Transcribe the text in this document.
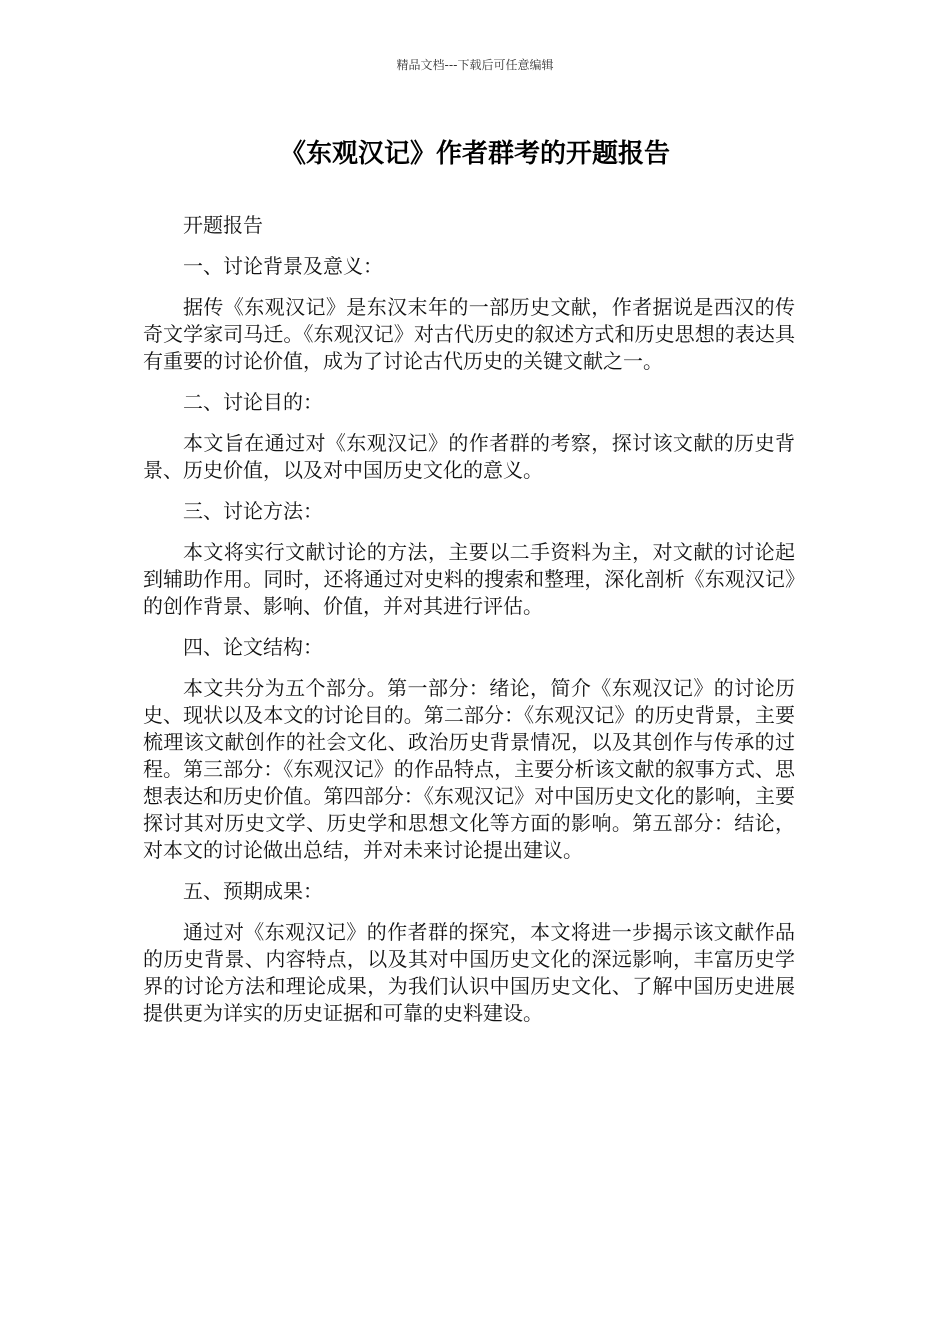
精品文档---下载后可任意编辑
《东观汉记》作者群考的开题报告

开题报告

一、讨论背景及意义：

据传《东观汉记》是东汉末年的一部历史文献，作者据说是西汉的传奇文学家司马迁。《东观汉记》对古代历史的叙述方式和历史思想的表达具有重要的讨论价值，成为了讨论古代历史的关键文献之一。

二、讨论目的：

本文旨在通过对《东观汉记》的作者群的考察，探讨该文献的历史背景、历史价值，以及对中国历史文化的意义。

三、讨论方法：

本文将实行文献讨论的方法，主要以二手资料为主，对文献的讨论起到辅助作用。同时，还将通过对史料的搜索和整理，深化剖析《东观汉记》的创作背景、影响、价值，并对其进行评估。

四、论文结构：

本文共分为五个部分。第一部分：绪论，简介《东观汉记》的讨论历史、现状以及本文的讨论目的。第二部分：《东观汉记》的历史背景，主要梳理该文献创作的社会文化、政治历史背景情况，以及其创作与传承的过程。第三部分：《东观汉记》的作品特点，主要分析该文献的叙事方式、思想表达和历史价值。第四部分：《东观汉记》对中国历史文化的影响，主要探讨其对历史文学、历史学和思想文化等方面的影响。第五部分：结论，对本文的讨论做出总结，并对未来讨论提出建议。

五、预期成果：

通过对《东观汉记》的作者群的探究，本文将进一步揭示该文献作品的历史背景、内容特点，以及其对中国历史文化的深远影响，丰富历史学界的讨论方法和理论成果，为我们认识中国历史文化、了解中国历史进展提供更为详实的历史证据和可靠的史料建设。
